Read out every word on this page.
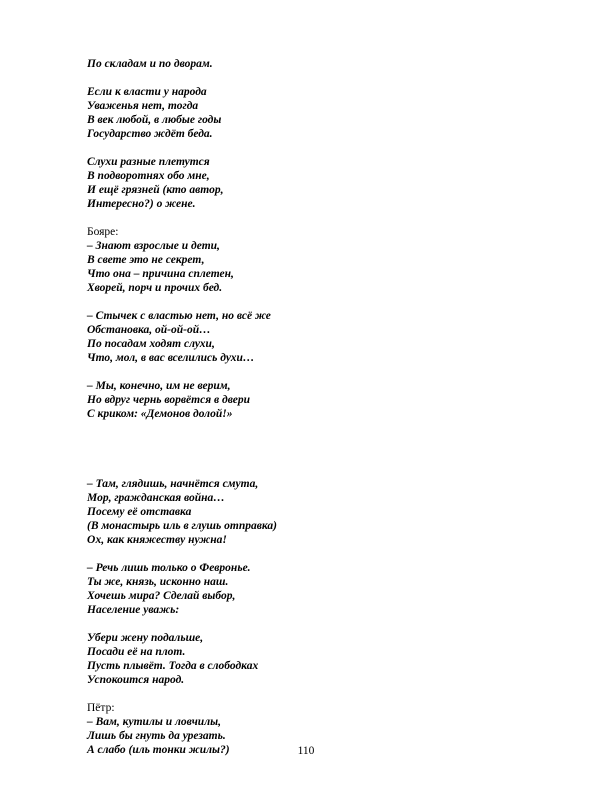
По складам и по дворам.
Если к власти у народа
Уваженья нет, тогда
В век любой, в любые годы
Государство ждёт беда.
Слухи разные плетутся
В подворотнях обо мне,
И ещё грязней (кто автор,
Интересно?) о жене.
Бояре:
– Знают взрослые и дети,
В свете это не секрет,
Что она – причина сплетен,
Хворей, порч и прочих бед.
– Стычек с властью нет, но всё же
Обстановка, ой-ой-ой…
По посадам ходят слухи,
Что, мол, в вас вселились духи…
– Мы, конечно, им не верим,
Но вдруг чернь ворвётся в двери
С криком: «Демонов долой!»
– Там, глядишь, начнётся смута,
Мор, гражданская война…
Посему её отставка
(В монастырь иль в глушь отправка)
Ох, как княжеству нужна!
– Речь лишь только о Февронье.
Ты же, князь, исконно наш.
Хочешь мира? Сделай выбор,
Население уважь:
Убери жену подальше,
Посади её на плот.
Пусть плывёт. Тогда в слободках
Успокоится народ.
Пётр:
– Вам, кутилы и ловчилы,
Лишь бы гнуть да урезать.
А слабо (иль тонки жилы?)	110
